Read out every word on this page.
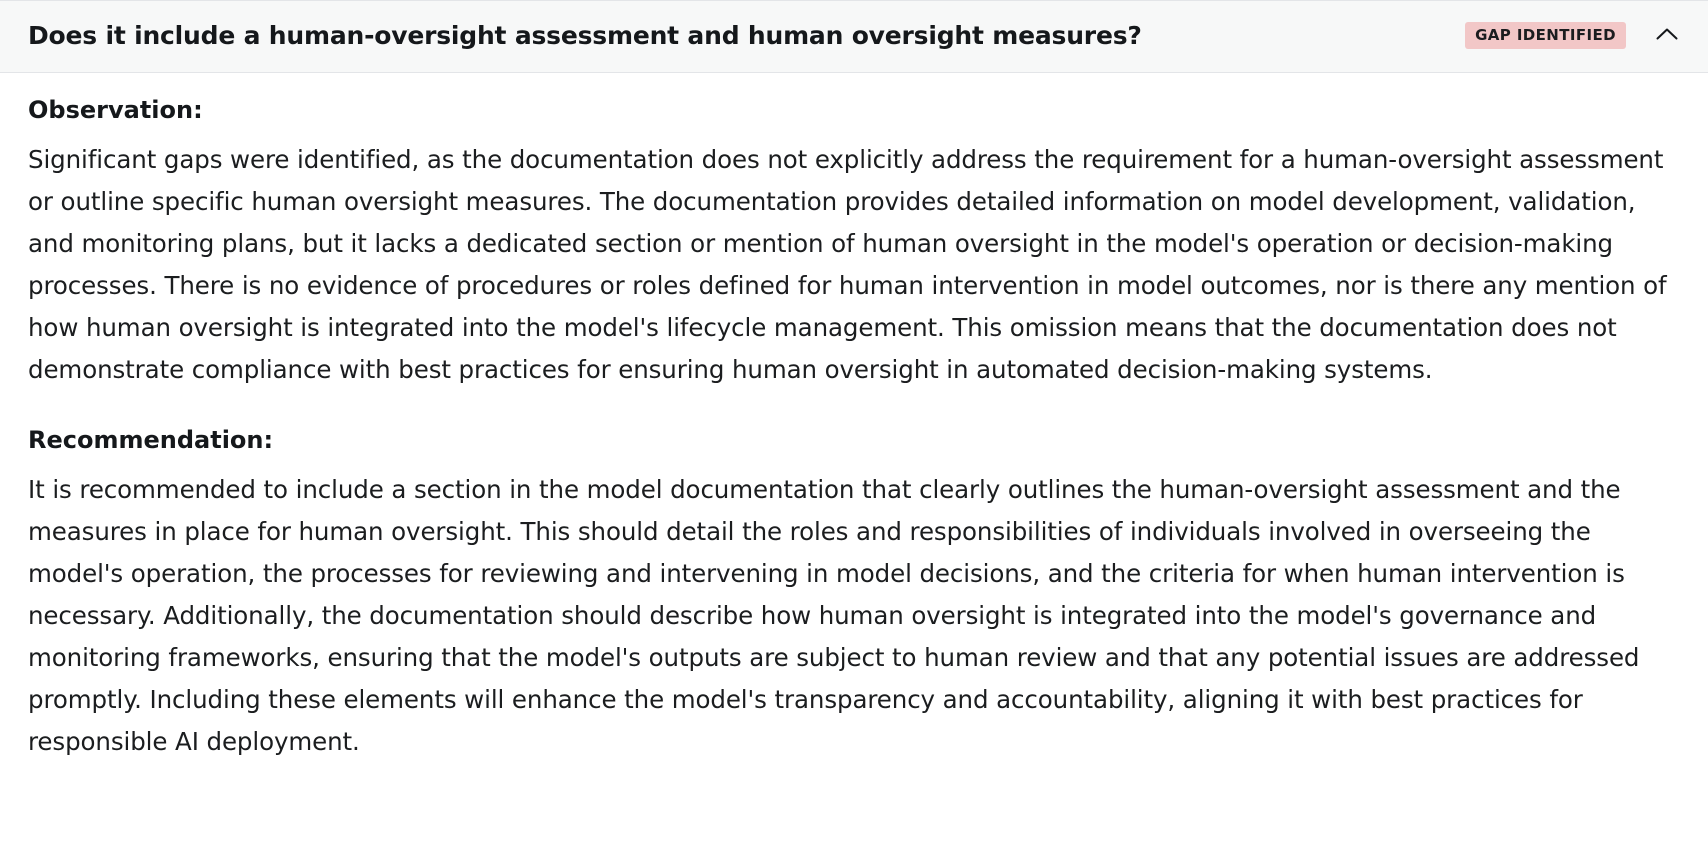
Does it include a human-oversight assessment and human oversight measures?	GAP IDENTIFIED
Observation:

Significant gaps were identified, as the documentation does not explicitly address the requirement for a human-oversight assessment or outline specific human oversight measures. The documentation provides detailed information on model development, validation, and monitoring plans, but it lacks a dedicated section or mention of human oversight in the model's operation or decision-making processes. There is no evidence of procedures or roles defined for human intervention in model outcomes, nor is there any mention of how human oversight is integrated into the model's lifecycle management. This omission means that the documentation does not demonstrate compliance with best practices for ensuring human oversight in automated decision-making systems.

Recommendation:

It is recommended to include a section in the model documentation that clearly outlines the human-oversight assessment and the measures in place for human oversight. This should detail the roles and responsibilities of individuals involved in overseeing the model's operation, the processes for reviewing and intervening in model decisions, and the criteria for when human intervention is necessary. Additionally, the documentation should describe how human oversight is integrated into the model's governance and monitoring frameworks, ensuring that the model's outputs are subject to human review and that any potential issues are addressed promptly. Including these elements will enhance the model's transparency and accountability, aligning it with best practices for responsible AI deployment.
